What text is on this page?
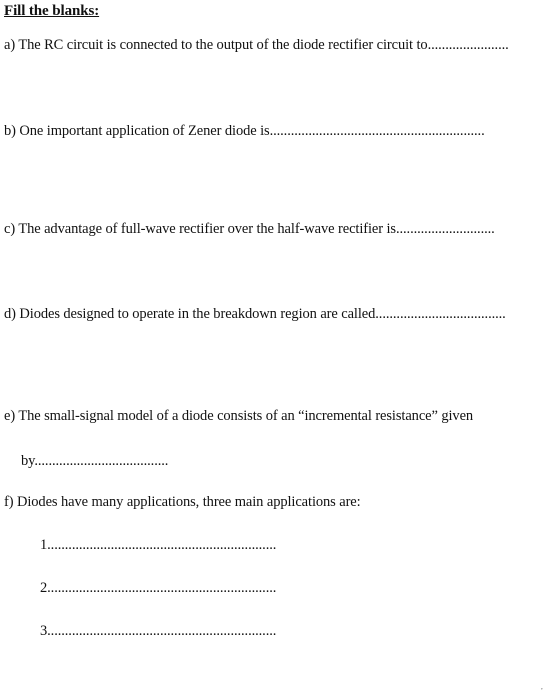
Fill the blanks:
a) The RC circuit is connected to the output of the diode rectifier circuit to.......................
b) One important application of Zener diode is.............................................................
c) The advantage of full-wave rectifier over the half-wave rectifier is............................
d) Diodes designed to operate in the breakdown region are called.....................................
e) The small-signal model of a diode consists of an “incremental resistance” given
by......................................
f) Diodes have many applications, three main applications are:
1.................................................................
2.................................................................
3.................................................................
,
